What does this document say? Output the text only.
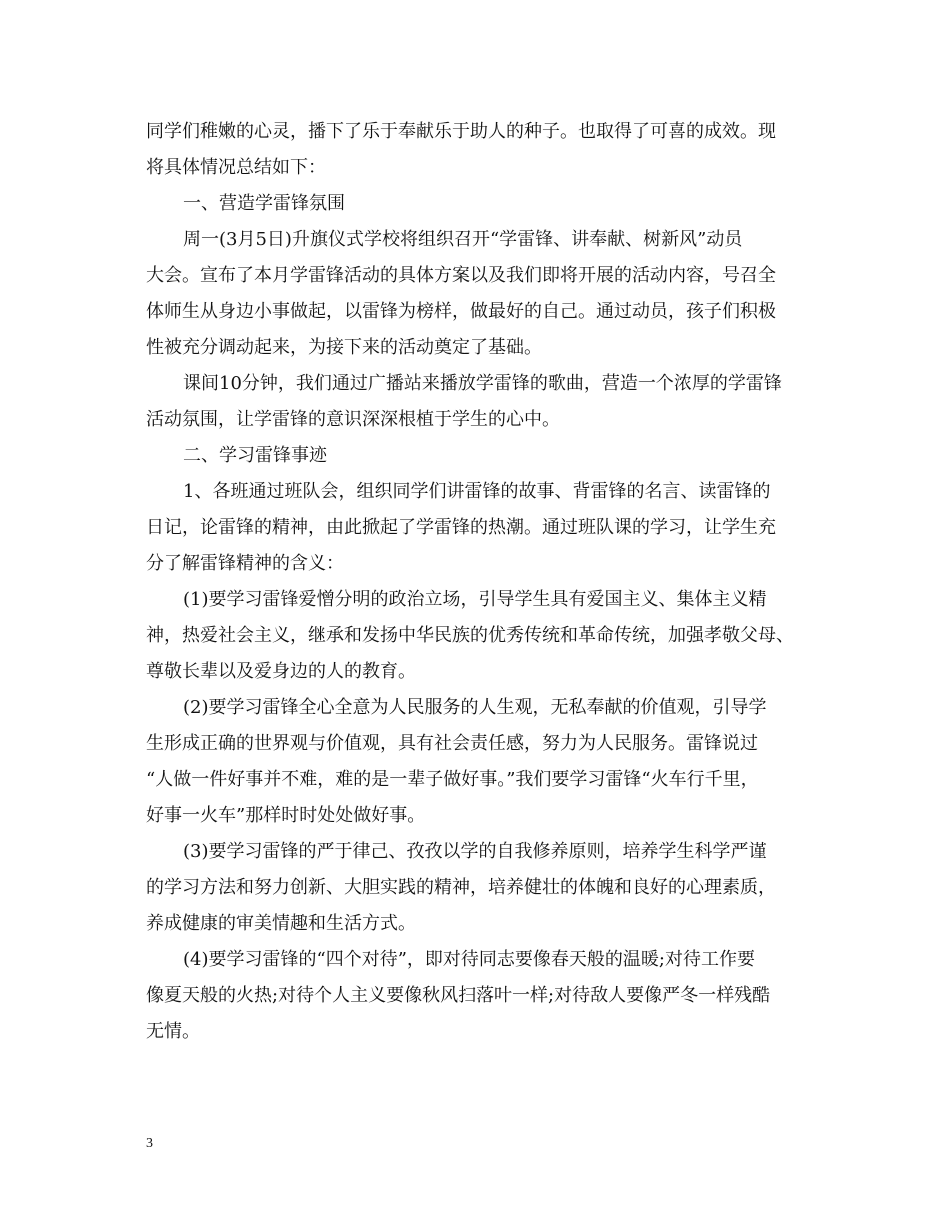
同学们稚嫩的心灵，播下了乐于奉献乐于助人的种子。也取得了可喜的成效。现
将具体情况总结如下：
一、营造学雷锋氛围
周一(3月5日)升旗仪式学校将组织召开“学雷锋、讲奉献、树新风”动员
大会。宣布了本月学雷锋活动的具体方案以及我们即将开展的活动内容，号召全
体师生从身边小事做起，以雷锋为榜样，做最好的自己。通过动员，孩子们积极
性被充分调动起来，为接下来的活动奠定了基础。
课间10分钟，我们通过广播站来播放学雷锋的歌曲，营造一个浓厚的学雷锋
活动氛围，让学雷锋的意识深深根植于学生的心中。
二、学习雷锋事迹
1、各班通过班队会，组织同学们讲雷锋的故事、背雷锋的名言、读雷锋的
日记，论雷锋的精神，由此掀起了学雷锋的热潮。通过班队课的学习，让学生充
分了解雷锋精神的含义：
(1)要学习雷锋爱憎分明的政治立场，引导学生具有爱国主义、集体主义精
神，热爱社会主义，继承和发扬中华民族的优秀传统和革命传统，加强孝敬父母、
尊敬长辈以及爱身边的人的教育。
(2)要学习雷锋全心全意为人民服务的人生观，无私奉献的价值观，引导学
生形成正确的世界观与价值观，具有社会责任感，努力为人民服务。雷锋说过
“人做一件好事并不难，难的是一辈子做好事。”我们要学习雷锋“火车行千里，
好事一火车”那样时时处处做好事。
(3)要学习雷锋的严于律己、孜孜以学的自我修养原则，培养学生科学严谨
的学习方法和努力创新、大胆实践的精神，培养健壮的体魄和良好的心理素质，
养成健康的审美情趣和生活方式。
(4)要学习雷锋的“四个对待”，即对待同志要像春天般的温暖;对待工作要
像夏天般的火热;对待个人主义要像秋风扫落叶一样;对待敌人要像严冬一样残酷
无情。
3
